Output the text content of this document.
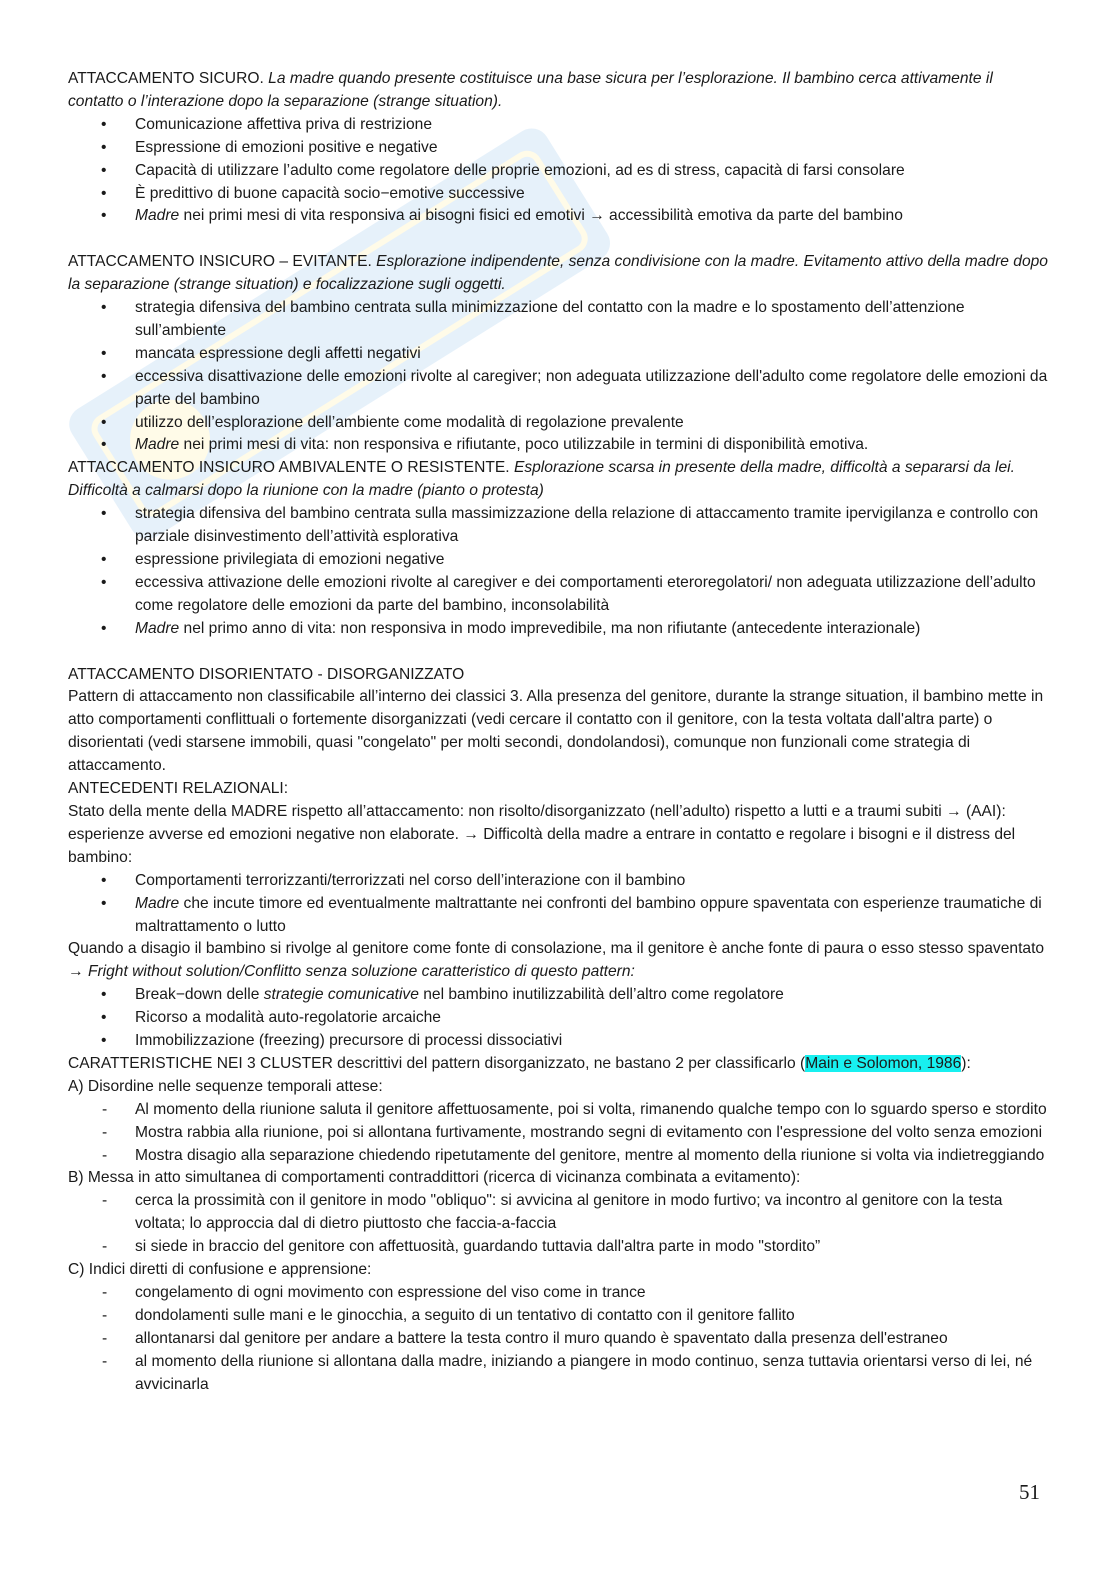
ATTACCAMENTO SICURO. La madre quando presente costituisce una base sicura per l’esplorazione. Il bambino cerca attivamente il contatto o l’interazione dopo la separazione (strange situation).

• Comunicazione affettiva priva di restrizione
• Espressione di emozioni positive e negative
• Capacità di utilizzare l’adulto come regolatore delle proprie emozioni, ad es di stress, capacità di farsi consolare
• È predittivo di buone capacità socio−emotive successive
• Madre nei primi mesi di vita responsiva ai bisogni fisici ed emotivi → accessibilità emotiva da parte del bambino

ATTACCAMENTO INSICURO – EVITANTE. Esplorazione indipendente, senza condivisione con la madre. Evitamento attivo della madre dopo la separazione (strange situation) e focalizzazione sugli oggetti.

• strategia difensiva del bambino centrata sulla minimizzazione del contatto con la madre e lo spostamento dell’attenzione sull’ambiente
• mancata espressione degli affetti negativi
• eccessiva disattivazione delle emozioni rivolte al caregiver; non adeguata utilizzazione dell'adulto come regolatore delle emozioni da parte del bambino
• utilizzo dell’esplorazione dell’ambiente come modalità di regolazione prevalente
• Madre nei primi mesi di vita: non responsiva e rifiutante, poco utilizzabile in termini di disponibilità emotiva.

ATTACCAMENTO INSICURO AMBIVALENTE O RESISTENTE. Esplorazione scarsa in presente della madre, difficoltà a separarsi da lei. Difficoltà a calmarsi dopo la riunione con la madre (pianto o protesta)

• strategia difensiva del bambino centrata sulla massimizzazione della relazione di attaccamento tramite ipervigilanza e controllo con parziale disinvestimento dell’attività esplorativa
• espressione privilegiata di emozioni negative
• eccessiva attivazione delle emozioni rivolte al caregiver e dei comportamenti eteroregolatori/ non adeguata utilizzazione dell’adulto come regolatore delle emozioni da parte del bambino, inconsolabilità
• Madre nel primo anno di vita: non responsiva in modo imprevedibile, ma non rifiutante (antecedente interazionale)

ATTACCAMENTO DISORIENTATO - DISORGANIZZATO

Pattern di attaccamento non classificabile all’interno dei classici 3. Alla presenza del genitore, durante la strange situation, il bambino mette in atto comportamenti conflittuali o fortemente disorganizzati (vedi cercare il contatto con il genitore, con la testa voltata dall'altra parte) o disorientati (vedi starsene immobili, quasi "congelato" per molti secondi, dondolandosi), comunque non funzionali come strategia di attaccamento.

ANTECEDENTI RELAZIONALI:

Stato della mente della MADRE rispetto all’attaccamento: non risolto/disorganizzato (nell’adulto) rispetto a lutti e a traumi subiti → (AAI): esperienze avverse ed emozioni negative non elaborate. → Difficoltà della madre a entrare in contatto e regolare i bisogni e il distress del bambino:

• Comportamenti terrorizzanti/terrorizzati nel corso dell’interazione con il bambino
• Madre che incute timore ed eventualmente maltrattante nei confronti del bambino oppure spaventata con esperienze traumatiche di maltrattamento o lutto

Quando a disagio il bambino si rivolge al genitore come fonte di consolazione, ma il genitore è anche fonte di paura o esso stesso spaventato → Fright without solution/Conflitto senza soluzione caratteristico di questo pattern:

• Break−down delle strategie comunicative nel bambino inutilizzabilità dell’altro come regolatore
• Ricorso a modalità auto-regolatorie arcaiche
• Immobilizzazione (freezing) precursore di processi dissociativi

CARATTERISTICHE NEI 3 CLUSTER descrittivi del pattern disorganizzato, ne bastano 2 per classificarlo (Main e Solomon, 1986):

A) Disordine nelle sequenze temporali attese:

- Al momento della riunione saluta il genitore affettuosamente, poi si volta, rimanendo qualche tempo con lo sguardo sperso e stordito
- Mostra rabbia alla riunione, poi si allontana furtivamente, mostrando segni di evitamento con l'espressione del volto senza emozioni
- Mostra disagio alla separazione chiedendo ripetutamente del genitore, mentre al momento della riunione si volta via indietreggiando

B) Messa in atto simultanea di comportamenti contraddittori (ricerca di vicinanza combinata a evitamento):

- cerca la prossimità con il genitore in modo "obliquo": si avvicina al genitore in modo furtivo; va incontro al genitore con la testa voltata; lo approccia dal di dietro piuttosto che faccia-a-faccia
- si siede in braccio del genitore con affettuosità, guardando tuttavia dall'altra parte in modo "stordito”

C) Indici diretti di confusione e apprensione:

- congelamento di ogni movimento con espressione del viso come in trance
- dondolamenti sulle mani e le ginocchia, a seguito di un tentativo di contatto con il genitore fallito
- allontanarsi dal genitore per andare a battere la testa contro il muro quando è spaventato dalla presenza dell'estraneo
- al momento della riunione si allontana dalla madre, iniziando a piangere in modo continuo, senza tuttavia orientarsi verso di lei, né avvicinarla
51
